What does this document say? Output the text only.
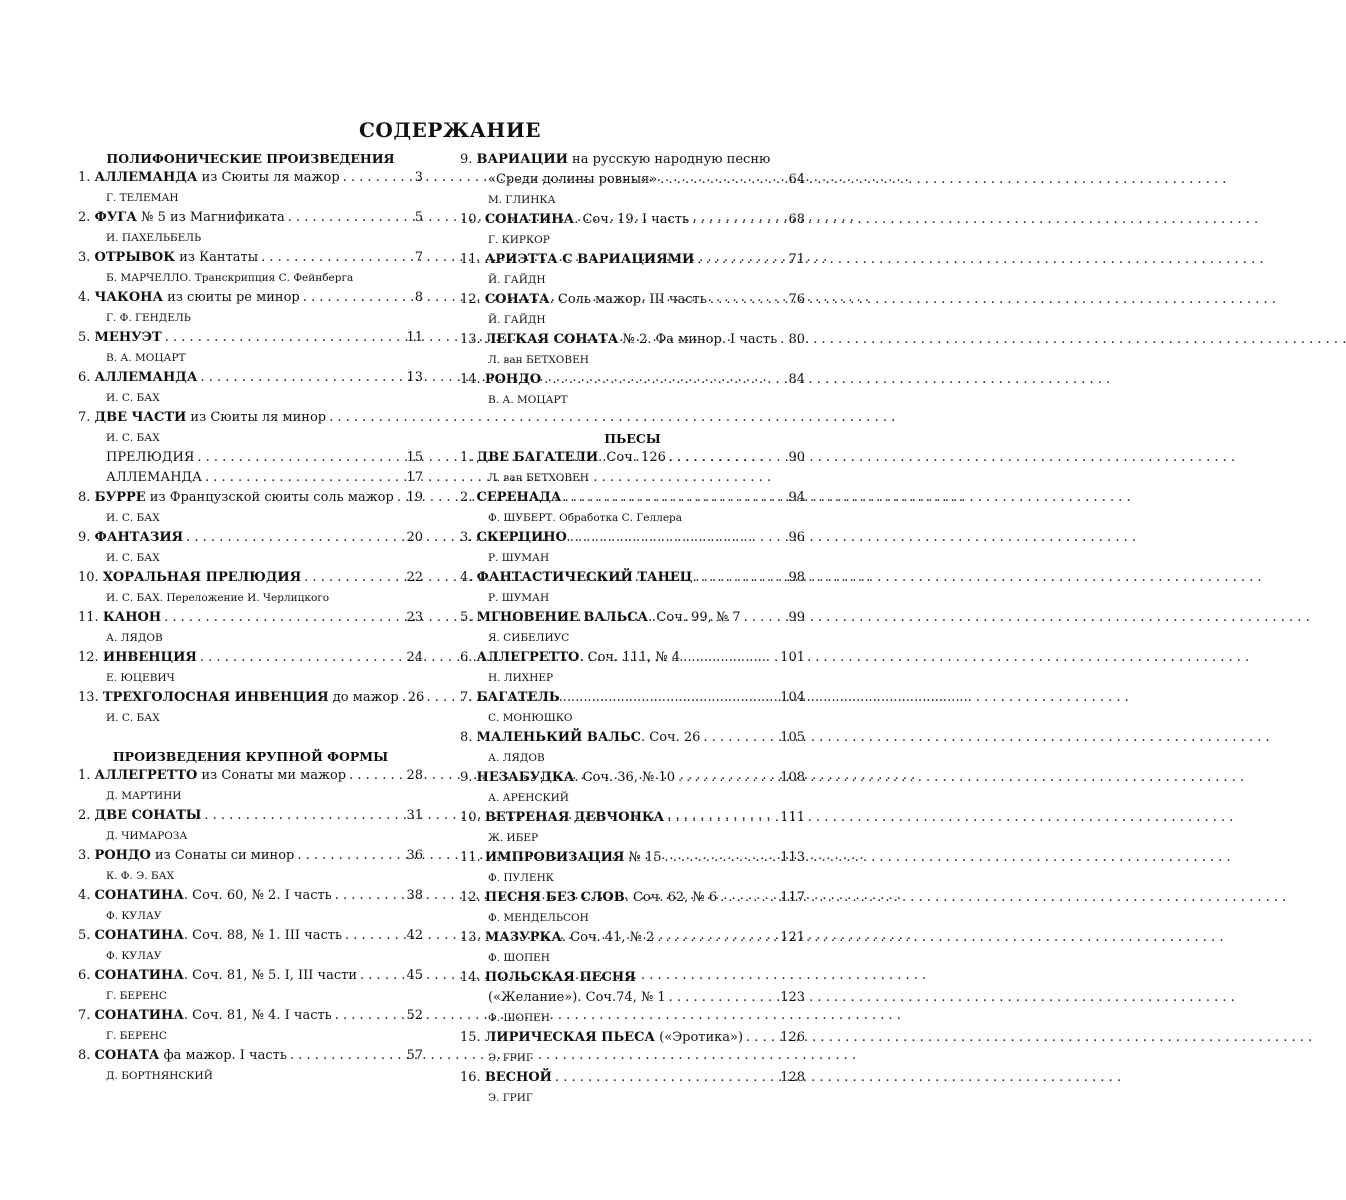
СОДЕРЖАНИЕ
ПОЛИФОНИЧЕСКИЕ ПРОИЗВЕДЕНИЯ
1. АЛЛЕМАНДА из Сюиты ля мажор . . .	3
Г. ТЕЛЕМАН
2. ФУГА № 5 из Магнификата . . .	5
И. ПАХЕЛЬБЕЛЬ
3. ОТРЫВОК из Кантаты . . .	7
Б. МАРЧЕЛЛО. Транскрипция С. Фейнберга
4. ЧАКОНА из сюиты ре минор . . .	8
Г. Ф. ГЕНДЕЛЬ
5. МЕНУЭТ . . .	11
В. А. МОЦАРТ
6. АЛЛЕМАНДА . . .	13
И. С. БАХ
7. ДВЕ ЧАСТИ из Сюиты ля минор
. . .
И. С. БАХ
ПРЕЛЮДИЯ . . .	15
АЛЛЕМАНДА . . .	17
8. БУРРЕ из Французской сюиты соль мажор . . . 19
И. С. БАХ
9. ФАНТАЗИЯ . . .	20
И. С. БАХ
10. ХОРАЛЬНАЯ ПРЕЛЮДИЯ . . .	22
И. С. БАХ. Переложение И. Черлицкого
11. КАНОН . . .	23
А. ЛЯДОВ
12. ИНВЕНЦИЯ . . .	24
Е. ЮЦЕВИЧ
13. ТРЕХГОЛОСНАЯ ИНВЕНЦИЯ до мажор . . . 26
И. С. БАХ
ПРОИЗВЕДЕНИЯ КРУПНОЙ ФОРМЫ
1. АЛЛЕГРЕТТО из Сонаты ми мажор . . .	28
Д. МАРТИНИ
2. ДВЕ СОНАТЫ . . .	31
Д. ЧИМАРОЗА
3. РОНДО из Сонаты си минор . . .	36
К. Ф. Э. БАХ
4. СОНАТИНА. Соч. 60, № 2. I часть . . .	38
Ф. КУЛАУ
5. СОНАТИНА. Соч. 88, № 1. III часть . . .	42
Ф. КУЛАУ
6. СОНАТИНА. Соч. 81, № 5. I, III части . . .	45
Г. БЕРЕНС
7. СОНАТИНА. Соч. 81, № 4. I часть . . .	52
Г. БЕРЕНС
8. СОНАТА фа мажор. I часть . . .	57
Д. БОРТНЯНСКИЙ
9. ВАРИАЦИИ на русскую народную песню
«Среди долины ровныя» . . .	64
М. ГЛИНКА
10. СОНАТИНА. Соч. 19. I часть . . .	68
Г. КИРКОР
11. АРИЭТТА С ВАРИАЦИЯМИ . . .	71
Й. ГАЙДН
12. СОНАТА. Соль мажор. III часть . . .	76
Й. ГАЙДН
13. ЛЕГКАЯ СОНАТА № 2. Фа минор. I часть . . . 80
Л. ван БЕТХОВЕН
14. РОНДО . . .	84
В. А. МОЦАРТ
ПЬЕСЫ
1. ДВЕ БАГАТЕЛИ. Соч. 126 . . .	90
Л. ван БЕТХОВЕН
2. СЕРЕНАДА . . .	94
Ф. ШУБЕРТ. Обработка С. Геллера
3. СКЕРЦИНО . . .	96
Р. ШУМАН
4. ФАНТАСТИЧЕСКИЙ ТАНЕЦ . . .	98
Р. ШУМАН
5. МГНОВЕНИЕ ВАЛЬСА. Соч. 99, № 7 . . .	99
Я. СИБЕЛИУС
6. АЛЛЕГРЕТТО. Соч. 111, № 4 . . .	101
Н. ЛИХНЕР
7. БАГАТЕЛЬ . . .	104
С. МОНЮШКО
8. МАЛЕНЬКИЙ ВАЛЬС. Соч. 26 . . .	105
А. ЛЯДОВ
9. НЕЗАБУДКА. Соч. 36, № 10 . . .	108
А. АРЕНСКИЙ
10. ВЕТРЕНАЯ ДЕВЧОНКА . . .	111
Ж. ИБЕР
11. ИМПРОВИЗАЦИЯ № 15 . . .	113
Ф. ПУЛЕНК
12. ПЕСНЯ БЕЗ СЛОВ. Соч. 62, № 6 . . .	117
Ф. МЕНДЕЛЬСОН
13. МАЗУРКА. Соч. 41, № 2 . . .	121
Ф. ШОПЕН
14. ПОЛЬСКАЯ ПЕСНЯ
(«Желание»). Соч.74, № 1 . . .	123
Ф. ШОПЕН
15. ЛИРИЧЕСКАЯ ПЬЕСА («Эротика») . . .	126
Э. ГРИГ
16. ВЕСНОЙ . . .	128
Э. ГРИГ
